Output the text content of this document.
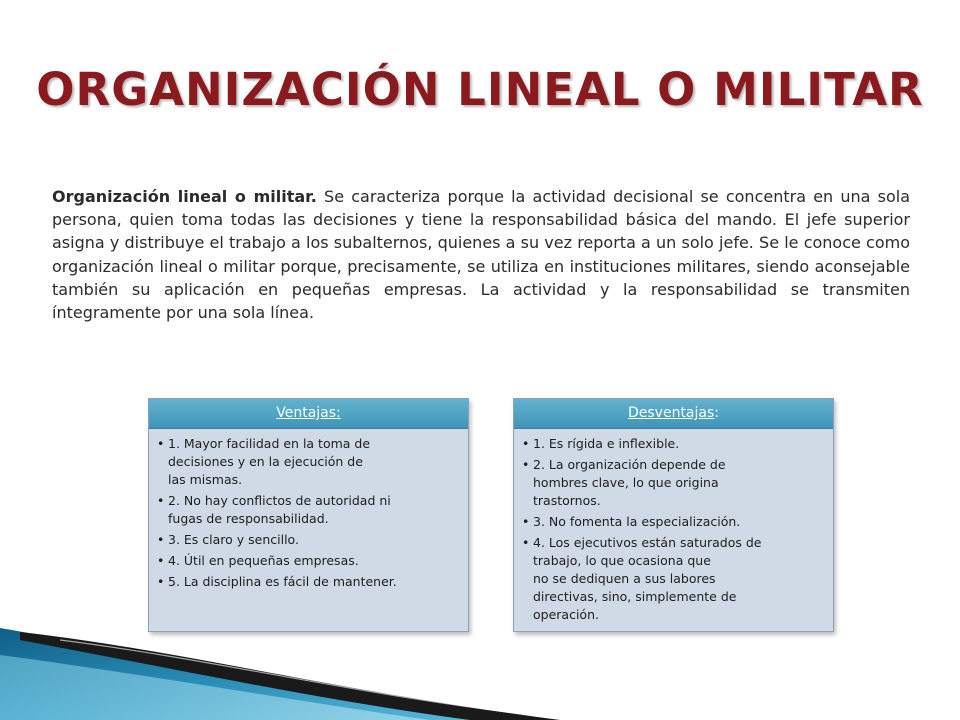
ORGANIZACIÓN LINEAL O MILITAR

Organización lineal o militar. Se caracteriza porque la actividad decisional se concentra en una sola persona, quien toma todas las decisiones y tiene la responsabilidad básica del mando. El jefe superior asigna y distribuye el trabajo a los subalternos, quienes a su vez reporta a un solo jefe. Se le conoce como organización lineal o militar porque, precisamente, se utiliza en instituciones militares, siendo aconsejable también su aplicación en pequeñas empresas. La actividad y la responsabilidad se transmiten íntegramente por una sola línea.

Ventajas:
• 1. Mayor facilidad en la toma de
decisiones y en la ejecución de
las mismas.
• 2. No hay conflictos de autoridad ni
fugas de responsabilidad.
• 3. Es claro y sencillo.
• 4. Útil en pequeñas empresas.
• 5. La disciplina es fácil de mantener.
Desventajas:
• 1. Es rígida e inflexible.
• 2. La organización depende de
hombres clave, lo que origina
trastornos.
• 3. No fomenta la especialización.
• 4. Los ejecutivos están saturados de
trabajo, lo que ocasiona que
no se dediquen a sus labores
directivas, sino, simplemente de
operación.
